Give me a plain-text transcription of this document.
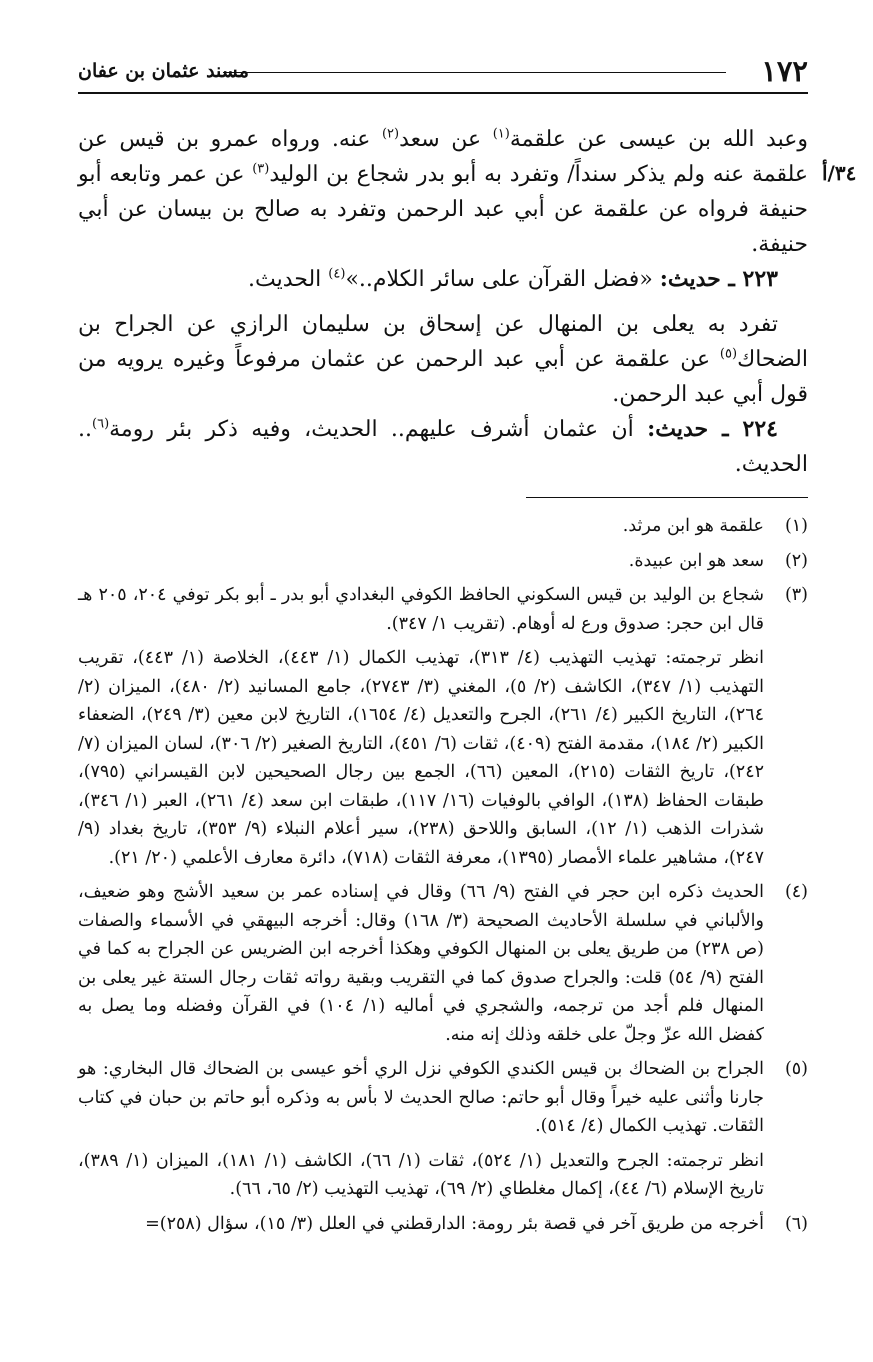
١٧٢
مسند عثمان بن عفان
٣٤/أ

وعبد الله بن عيسى عن علقمة$^{(١)}$ عن سعد$^{(٢)}$ عنه. ورواه عمرو بن قيس عن علقمة عنه ولم يذكر سنداً/ وتفرد به أبو بدر شجاع بن الوليد$^{(٣)}$ عن عمر وتابعه أبو حنيفة فرواه عن علقمة عن أبي عبد الرحمن وتفرد به صالح بن بيسان عن أبي حنيفة.

٢٢٣ ـ حديث: «فضل القرآن على سائر الكلام..»$^{(٤)}$ الحديث.

تفرد به يعلى بن المنهال عن إسحاق بن سليمان الرازي عن الجراح بن الضحاك$^{(٥)}$ عن علقمة عن أبي عبد الرحمن عن عثمان مرفوعاً وغيره يرويه من قول أبي عبد الرحمن.

٢٢٤ ـ حديث: أن عثمان أشرف عليهم.. الحديث، وفيه ذكر بئر رومة$^{(٦)}$.. الحديث.

(١)

علقمة هو ابن مرثد.

(٢)

سعد هو ابن عبيدة.

(٣)

شجاع بن الوليد بن قيس السكوني الحافظ الكوفي البغدادي أبو بدر ـ أبو بكر توفي ٢٠٤، ٢٠٥ هـ قال ابن حجر: صدوق ورع له أوهام. (تقريب ١/ ٣٤٧).

انظر ترجمته: تهذيب التهذيب (٤/ ٣١٣)، تهذيب الكمال (١/ ٤٤٣)، الخلاصة (١/ ٤٤٣)، تقريب التهذيب (١/ ٣٤٧)، الكاشف (٢/ ٥)، المغني (٣/ ٢٧٤٣)، جامع المسانيد (٢/ ٤٨٠)، الميزان (٢/ ٢٦٤)، التاريخ الكبير (٤/ ٢٦١)، الجرح والتعديل (٤/ ١٦٥٤)، التاريخ لابن معين (٣/ ٢٤٩)، الضعفاء الكبير (٢/ ١٨٤)، مقدمة الفتح (٤٠٩)، ثقات (٦/ ٤٥١)، التاريخ الصغير (٢/ ٣٠٦)، لسان الميزان (٧/ ٢٤٢)، تاريخ الثقات (٢١٥)، المعين (٦٦)، الجمع بين رجال الصحيحين لابن القيسراني (٧٩٥)، طبقات الحفاظ (١٣٨)، الوافي بالوفيات (١٦/ ١١٧)، طبقات ابن سعد (٤/ ٢٦١)، العبر (١/ ٣٤٦)، شذرات الذهب (١/ ١٢)، السابق واللاحق (٢٣٨)، سير أعلام النبلاء (٩/ ٣٥٣)، تاريخ بغداد (٩/ ٢٤٧)، مشاهير علماء الأمصار (١٣٩٥)، معرفة الثقات (٧١٨)، دائرة معارف الأعلمي (٢٠/ ٢١).

(٤)

الحديث ذكره ابن حجر في الفتح (٩/ ٦٦) وقال في إسناده عمر بن سعيد الأشج وهو ضعيف، والألباني في سلسلة الأحاديث الصحيحة (٣/ ١٦٨) وقال: أخرجه البيهقي في الأسماء والصفات (ص ٢٣٨) من طريق يعلى بن المنهال الكوفي وهكذا أخرجه ابن الضريس عن الجراح به كما في الفتح (٩/ ٥٤) قلت: والجراح صدوق كما في التقريب وبقية رواته ثقات رجال الستة غير يعلى بن المنهال فلم أجد من ترجمه، والشجري في أماليه (١/ ١٠٤) في القرآن وفضله وما يصل به كفضل الله عزّ وجلّ على خلقه وذلك إنه منه.

(٥)

الجراح بن الضحاك بن قيس الكندي الكوفي نزل الري أخو عيسى بن الضحاك قال البخاري: هو جارنا وأثنى عليه خيراً وقال أبو حاتم: صالح الحديث لا بأس به وذكره أبو حاتم بن حبان في كتاب الثقات. تهذيب الكمال (٤/ ٥١٤).

انظر ترجمته: الجرح والتعديل (١/ ٥٢٤)، ثقات (١/ ٦٦)، الكاشف (١/ ١٨١)، الميزان (١/ ٣٨٩)، تاريخ الإسلام (٦/ ٤٤)، إكمال مغلطاي (٢/ ٦٩)، تهذيب التهذيب (٢/ ٦٥، ٦٦).

(٦)

أخرجه من طريق آخر في قصة بئر رومة: الدارقطني في العلل (٣/ ١٥)، سؤال (٢٥٨)=
